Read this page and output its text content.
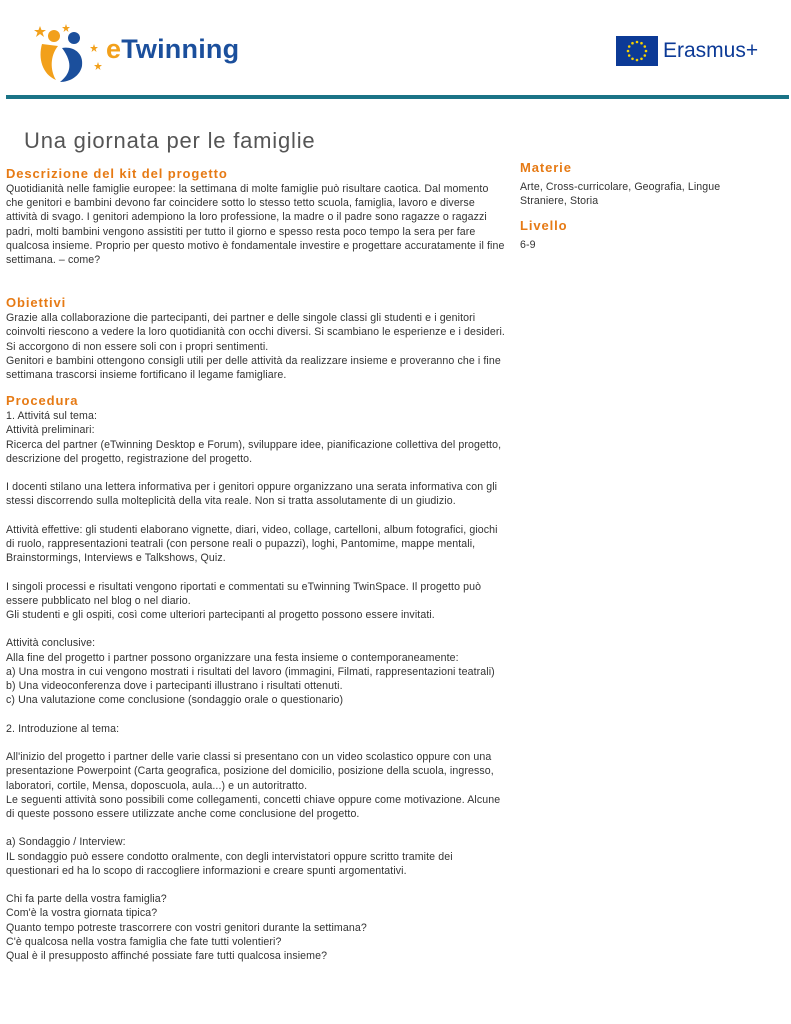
eTwinning	Erasmus+
Una giornata per le famiglie
Descrizione del kit del progetto

Quotidianità nelle famiglie europee: la settimana di molte famiglie può risultare caotica. Dal momento che genitori e bambini devono far coincidere sotto lo stesso tetto scuola, famiglia, lavoro e diverse attività di svago. I genitori adempiono la loro professione, la madre o il padre sono ragazze o ragazzi padri, molti bambini vengono assistiti per tutto il giorno e spesso resta poco tempo la sera per fare qualcosa insieme. Proprio per questo motivo è fondamentale investire e progettare accuratamente il fine settimana. – come?

Obiettivi

Grazie alla collaborazione die partecipanti, dei partner e delle singole classi gli studenti e i genitori coinvolti riescono a vedere la loro quotidianità con occhi diversi. Si scambiano le esperienze e i desideri. Si accorgono di non essere soli con i propri sentimenti.
Genitori e bambini ottengono consigli utili per delle attività da realizzare insieme e proveranno che i fine settimana trascorsi insieme fortificano il legame famigliare.

Procedura

1. Attivitá sul tema:
Attività preliminari:
Ricerca del partner (eTwinning Desktop e Forum), sviluppare idee, pianificazione collettiva del progetto, descrizione del progetto, registrazione del progetto.

I docenti stilano una lettera informativa per i genitori oppure organizzano una serata informativa con gli stessi discorrendo sulla molteplicità della vita reale. Non si tratta assolutamente di un giudizio.

Attività effettive: gli studenti elaborano vignette, diari, video, collage, cartelloni, album fotografici, giochi di ruolo, rappresentazioni teatrali (con persone reali o pupazzi), loghi, Pantomime, mappe mentali, Brainstormings, Interviews e Talkshows, Quiz.

I singoli processi e risultati vengono riportati e commentati su eTwinning TwinSpace. Il progetto può essere pubblicato nel blog o nel diario.
Gli studenti e gli ospiti, così come ulteriori partecipanti al progetto possono essere invitati.

Attività conclusive:
Alla fine del progetto i partner possono organizzare una festa insieme o contemporaneamente:
a) Una mostra in cui vengono mostrati i risultati del lavoro (immagini, Filmati, rappresentazioni teatrali)
b) Una videoconferenza dove i partecipanti illustrano i risultati ottenuti.
c) Una valutazione come conclusione (sondaggio orale o questionario)

2. Introduzione al tema:

All'inizio del progetto i partner delle varie classi si presentano con un video scolastico oppure con una presentazione Powerpoint (Carta geografica, posizione del domicilio, posizione della scuola, ingresso, laboratori, cortile, Mensa, doposcuola, aula...) e un autoritratto.
Le seguenti attività sono possibili come collegamenti, concetti chiave oppure come motivazione. Alcune di queste possono essere utilizzate anche come conclusione del progetto.

a) Sondaggio / Interview:
IL sondaggio può essere condotto oralmente, con degli intervistatori oppure scritto tramite dei questionari ed ha lo scopo di raccogliere informazioni e creare spunti argomentativi.

Chi fa parte della vostra famiglia?
Com'è la vostra giornata tipica?
Quanto tempo potreste trascorrere con vostri genitori durante la settimana?
C'è qualcosa nella vostra famiglia che fate tutti volentieri?
Qual è il presupposto affinché possiate fare tutti qualcosa insieme?

Materie

Arte, Cross-curricolare, Geografia, Lingue Straniere, Storia

Livello

6-9
